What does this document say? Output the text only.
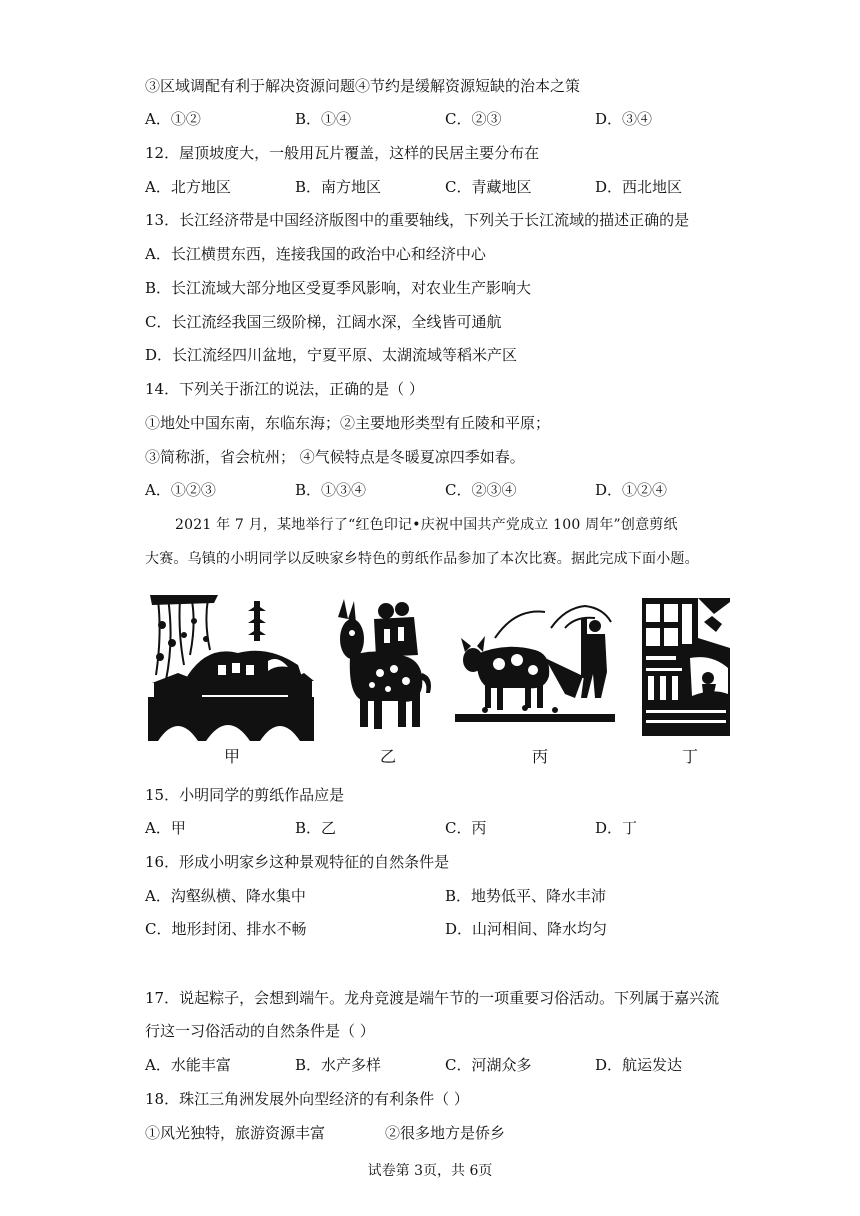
③区域调配有利于解决资源问题④节约是缓解资源短缺的治本之策
A．①②	B．①④	C．②③	D．③④
12．屋顶坡度大，一般用瓦片覆盖，这样的民居主要分布在
A．北方地区	B．南方地区	C．青藏地区	D．西北地区
13．长江经济带是中国经济版图中的重要轴线，下列关于长江流域的描述正确的是
A．长江横贯东西，连接我国的政治中心和经济中心
B．长江流域大部分地区受夏季风影响，对农业生产影响大
C．长江流经我国三级阶梯，江阔水深，全线皆可通航
D．长江流经四川盆地，宁夏平原、太湖流域等稻米产区
14．下列关于浙江的说法，正确的是（ ）
①地处中国东南，东临东海；②主要地形类型有丘陵和平原；
③简称浙，省会杭州； ④气候特点是冬暖夏凉四季如春。
A．①②③	B．①③④	C．②③④	D．①②④
2021 年 7 月，某地举行了“红色印记•庆祝中国共产党成立 100 周年”创意剪纸
大赛。乌镇的小明同学以反映家乡特色的剪纸作品参加了本次比赛。据此完成下面小题。
甲	乙	丙	丁
15．小明同学的剪纸作品应是
A．甲	B．乙	C．丙	D．丁
16．形成小明家乡这种景观特征的自然条件是
A．沟壑纵横、降水集中	B．地势低平、降水丰沛
C．地形封闭、排水不畅	D．山河相间、降水均匀
17．说起粽子，会想到端午。龙舟竞渡是端午节的一项重要习俗活动。下列属于嘉兴流
行这一习俗活动的自然条件是（ ）
A．水能丰富	B．水产多样	C．河湖众多	D．航运发达
18．珠江三角洲发展外向型经济的有利条件（ ）
①风光独特，旅游资源丰富	②很多地方是侨乡
试卷第 3页，共 6页
